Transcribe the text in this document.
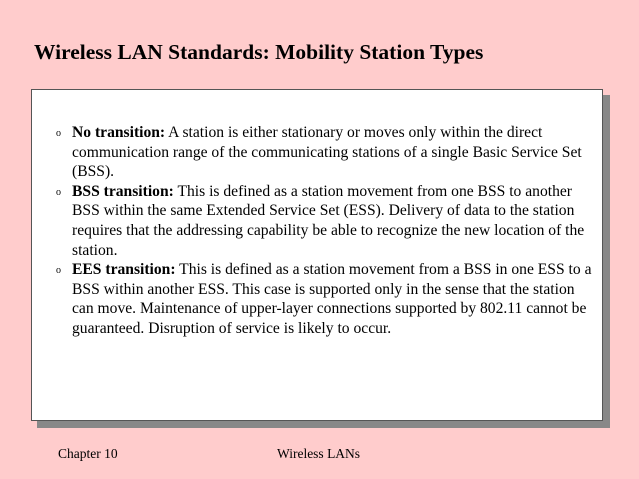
Wireless LAN Standards: Mobility Station Types
o No transition: A station is either stationary or moves only within the direct communication range of the communicating stations of a single Basic Service Set (BSS).
o BSS transition: This is defined as a station movement from one BSS to another BSS within the same Extended Service Set (ESS). Delivery of data to the station requires that the addressing capability be able to recognize the new location of the station.
o EES transition: This is defined as a station movement from a BSS in one ESS to a BSS within another ESS. This case is supported only in the sense that the station can move. Maintenance of upper-layer connections supported by 802.11 cannot be guaranteed. Disruption of service is likely to occur.
Chapter 10	Wireless LANs
